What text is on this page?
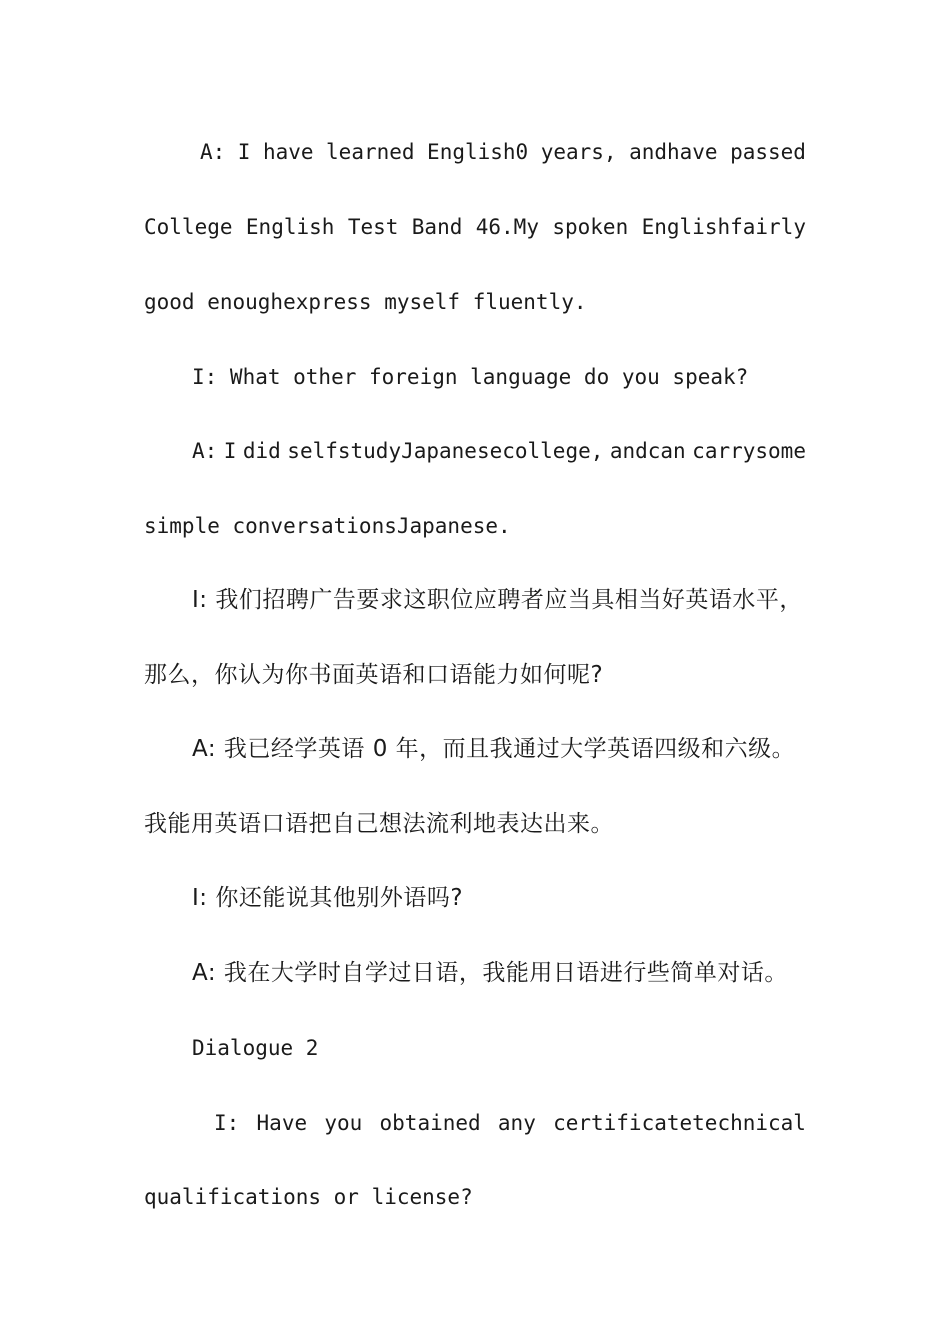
A: I have learned English0 years, andhave passed
College English Test Band 46.My spoken Englishfairly
good enoughexpress myself fluently.
I: What other foreign language do you speak?
A: I did selfstudyJapanesecollege, andcan carrysome
simple conversationsJapanese.
I: 我们招聘广告要求这职位应聘者应当具相当好英语水平，
那么，你认为你书面英语和口语能力如何呢?
A: 我已经学英语 0 年，而且我通过大学英语四级和六级。
我能用英语口语把自己想法流利地表达出来。
I: 你还能说其他别外语吗?
A: 我在大学时自学过日语，我能用日语进行些简单对话。
Dialogue 2
I: Have you obtained any certificatetechnical
qualifications or license?
